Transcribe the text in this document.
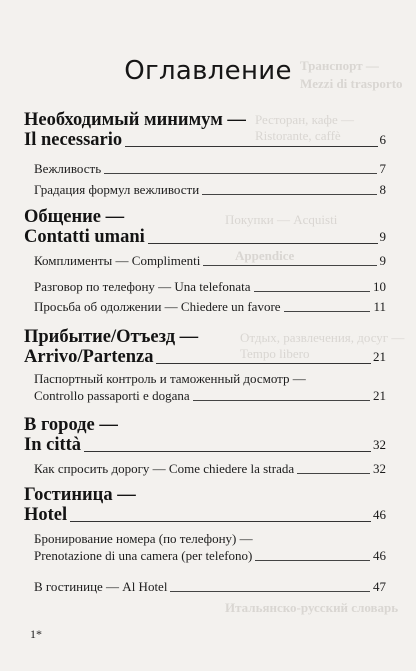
Транспорт —
Mezzi di trasporto
Ресторан, кафе —
Ristorante, caffè
Покупки — Acquisti
Appendice
Отдых, развлечения, досуг —
Tempo libero
Итальянско-русский словарь
Оглавление
Необходимый минимум —
Il necessario	6
Вежливость	7
Градация формул вежливости	8
Общение —
Contatti umani	9
Комплименты — Complimenti	9
Разговор по телефону — Una telefonata	10
Просьба об одолжении — Chiedere un favore	11
Прибытие/Отъезд —
Arrivo/Partenza	21
Паспортный контроль и таможенный досмотр —
Controllo passaporti e dogana	21
В городе —
In città	32
Как спросить дорогу — Come chiedere la strada	32
Гостиница —
Hotel	46
Бронирование номера (по телефону) —
Prenotazione di una camera (per telefono)	46
В гостинице — Al Hotel	47
1*
